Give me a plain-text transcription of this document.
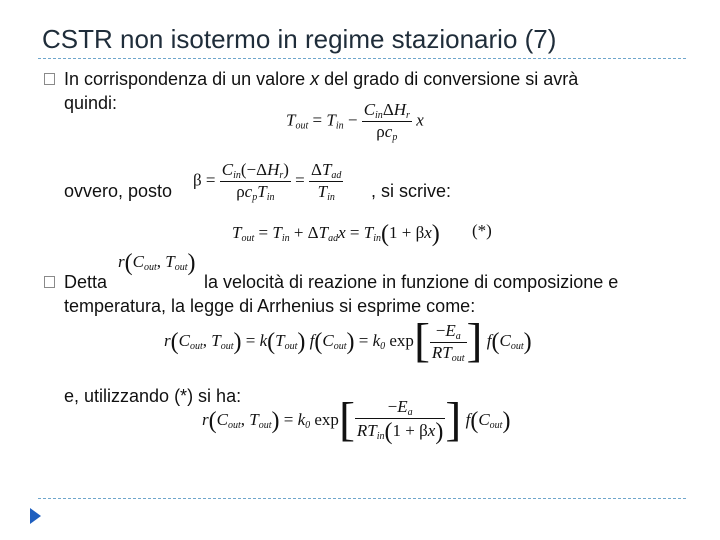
CSTR non isotermo in regime stazionario (7)
In corrispondenza di un valore x del grado di conversione si avrà
quindi:
$T_{out} = T_{in} - \frac{C_{in}\Delta H_r}{\rho c_p}$ x
ovvero, posto
$\beta = \frac{C_{in}(-\Delta H_r)}{\rho c_pT_{in}} = \frac{\Delta T_{ad}}{T_{in}}$ , si scrive:
$T_{out} = T_{in} + \Delta T_{ad}x = T_{in}(1 + \beta x)$ (*)
Detta
$r(C_{out}$, $T_{out}$)
la velocità di reazione in funzione di composizione e
temperatura, la legge di Arrhenius si esprime come:
$r(C_{out}$, $T_{out}) = k(T_{out})$ $f(C_{out}) = k_0$ $\exp[ \frac{-E_a}{RT_{out}}$ ] $f(C_{out})$
e, utilizzando (*) si ha:
$r(C_{out}$, $T_{out}) = k_0$ $\exp[ \frac{-E_a}{RT_{in}(1 + \beta x)}$ ] $f(C_{out})$
